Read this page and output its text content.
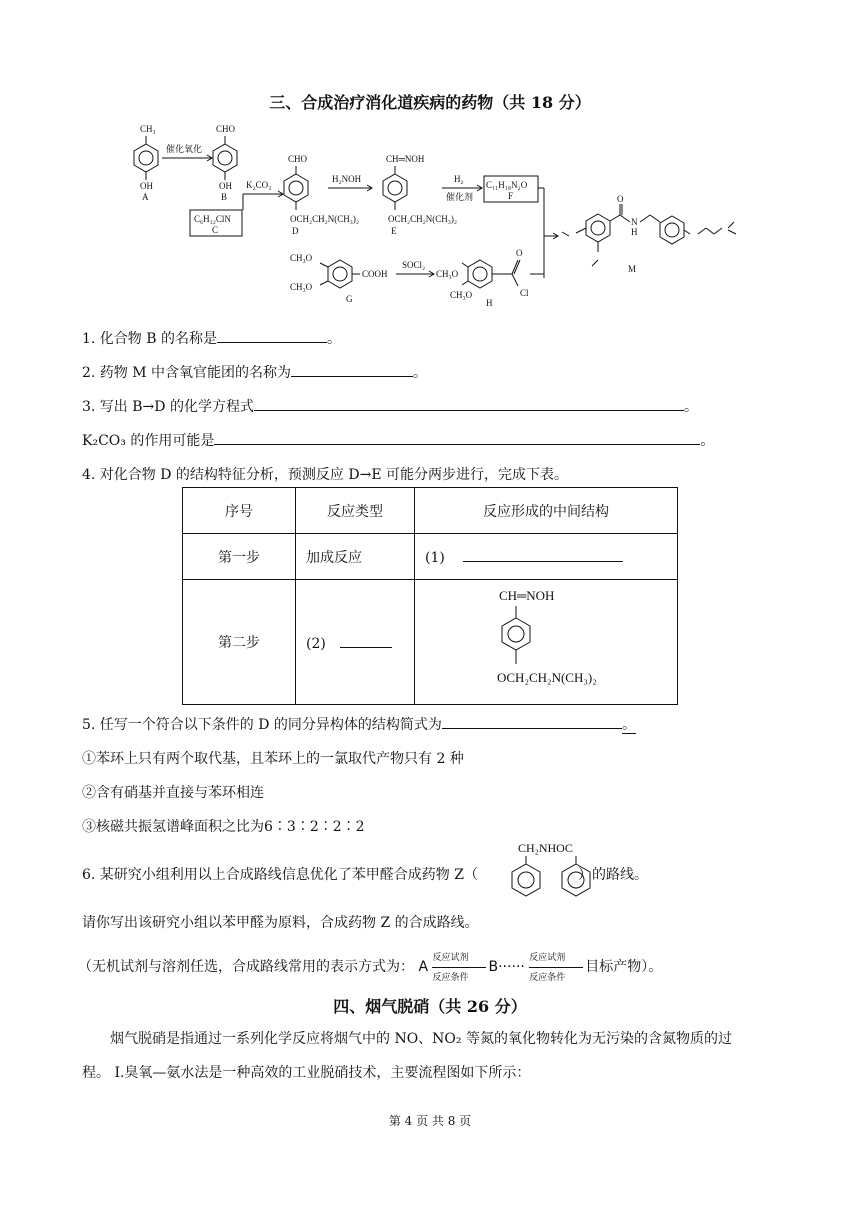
三、合成治疗消化道疾病的药物（共 18 分）
CH₃
OH
A
催化氧化
CHO
OH
B
K₂CO₃
C₆H₁₂ClN
C
CHO
OCH₂CH₂N(CH₃)₂
D
H₂NOH
CH═NOH
OCH₂CH₂N(CH₃)₂
E
H₂
催化剂
C₁₁H₁₈N₂O
F
CH₃O
CH₃O
COOH
G
SOCl₂
CH₃O
CH₃O
O
Cl
H
O
N
H
M
1. 化合物 B 的名称是	。
2. 药物 M 中含氧官能团的名称为	。
3. 写出 B→D 的化学方程式	。
K₂CO₃ 的作用可能是	。
4. 对化合物 D 的结构特征分析，预测反应 D→E 可能分两步进行，完成下表。
序号	反应类型	反应形成的中间结构
第一步	加成反应	(1)
第二步	(2)	CH═NOH
OCH₂CH₂N(CH₃)₂
5. 任写一个符合以下条件的 D 的同分异构体的结构简式为	。
①苯环上只有两个取代基，且苯环上的一氯取代产物只有 2 种
②含有硝基并直接与苯环相连
③核磁共振氢谱峰面积之比为6∶3∶2∶2∶2
6. 某研究小组利用以上合成路线信息优化了苯甲醛合成药物 Z（	）的路线。
CH₂NHOC
请你写出该研究小组以苯甲醛为原料，合成药物 Z 的合成路线。
（无机试剂与溶剂任选，合成路线常用的表示方式为： A
反应试剂
反应条件
B······
反应试剂
反应条件
目标产物）。
四、烟气脱硝（共 26 分）
烟气脱硝是指通过一系列化学反应将烟气中的 NO、NO₂ 等氮的氧化物转化为无污染的含氮物质的过
程。 I.臭氧—氨水法是一种高效的工业脱硝技术，主要流程图如下所示：
第 4 页 共 8 页
